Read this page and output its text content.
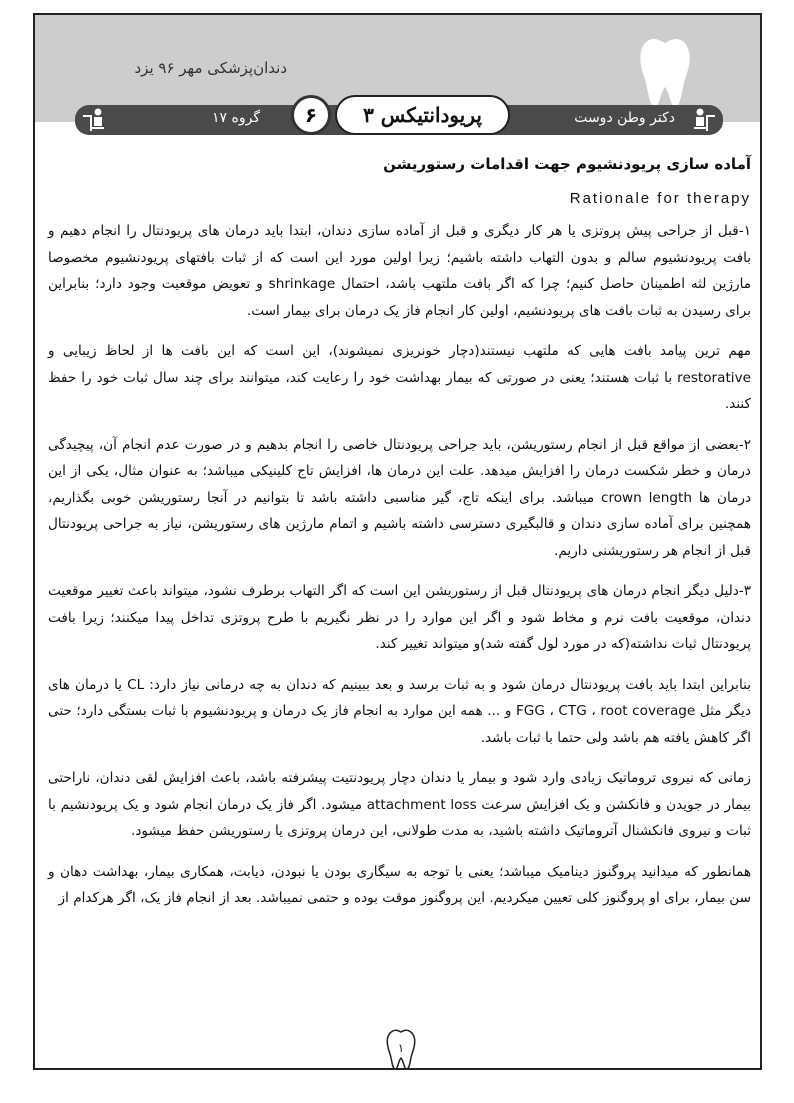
دندان‌پزشکی مهر ۹۶ یزد
دکتر وطن دوست
پریودانتیکس ۳
۶
گروه ۱۷

آماده سازی پریودنشیوم جهت اقدامات رستوریشن

Rationale for therapy

۱-قبل از جراحی پیش پروتزی یا هر کار دیگری و قبل از آماده سازی دندان، ابتدا باید درمان های پریودنتال را انجام دهیم و بافت پریودنشیوم سالم و بدون التهاب داشته باشیم؛ زیرا اولین مورد این است که از ثبات بافتهای پریودنشیوم مخصوصا مارژین لثه اطمینان حاصل کنیم؛ چرا که اگر بافت ملتهب باشد، احتمال shrinkage و تعویض موقعیت وجود دارد؛ بنابراین برای رسیدن به ثبات بافت های پریودنشیم، اولین کار انجام فاز یک درمان برای بیمار است.

مهم ترین پیامد بافت هایی که ملتهب نیستند(دچار خونریزی نمیشوند)، این است که این بافت ها از لحاظ زیبایی و restorative با ثبات هستند؛ یعنی در صورتی که بیمار بهداشت خود را رعایت کند، میتوانند برای چند سال ثبات خود را حفظ کنند.

۲-بعضی از مواقع قبل از انجام رستوریشن، باید جراحی پریودنتال خاصی را انجام بدهیم و در صورت عدم انجام آن، پیچیدگی درمان و خطر شکست درمان را افزایش میدهد. علت این درمان ها، افزایش تاج کلینیکی میباشد؛ به عنوان مثال، یکی از این درمان ها crown length میباشد. برای اینکه تاج، گیر مناسبی داشته باشد تا بتوانیم در آنجا رستوریشن خوبی بگذاریم، همچنین برای آماده سازی دندان و قالبگیری دسترسی داشته باشیم و اتمام مارژین های رستوریشن، نیاز به جراحی پریودنتال قبل از انجام هر رستوریشنی داریم.

۳-دلیل دیگر انجام درمان های پریودنتال قبل از رستوریشن این است که اگر التهاب برطرف نشود، میتواند باعث تغییر موقعیت دندان، موقعیت بافت نرم و مخاط شود و اگر این موارد را در نظر نگیریم با طرح پروتزی تداخل پیدا میکنند؛ زیرا بافت پریودنتال ثبات نداشته(که در مورد لول گفته شد)و میتواند تغییر کند.

بنابراین ابتدا باید بافت پریودنتال درمان شود و به ثبات برسد و بعد ببینیم که دندان به چه درمانی نیاز دارد: CL یا درمان های دیگر مثل FGG ، CTG ، root coverage و ... همه این موارد به انجام فاز یک درمان و پریودنشیوم با ثبات بستگی دارد؛ حتی اگر کاهش یافته هم باشد ولی حتما با ثبات باشد.

زمانی که نیروی تروماتیک زیادی وارد شود و بیمار یا دندان دچار پریودنتیت پیشرفته باشد، باعث افزایش لقی دندان، ناراحتی بیمار در جویدن و فانکشن و یک افزایش سرعت attachment loss میشود. اگر فاز یک درمان انجام شود و یک پریودنشیم با ثبات و نیروی فانکشنال آتروماتیک داشته باشید، به مدت طولانی، این درمان پروتزی یا رستوریشن حفظ میشود.

همانطور که میدانید پروگنوز دینامیک میباشد؛ یعنی با توجه به سیگاری بودن یا نبودن، دیابت، همکاری بیمار، بهداشت دهان و سن بیمار، برای او پروگنوز کلی تعیین میکردیم. این پروگنوز موقت بوده و حتمی نمیباشد. بعد از انجام فاز یک، اگر هرکدام از

۱
